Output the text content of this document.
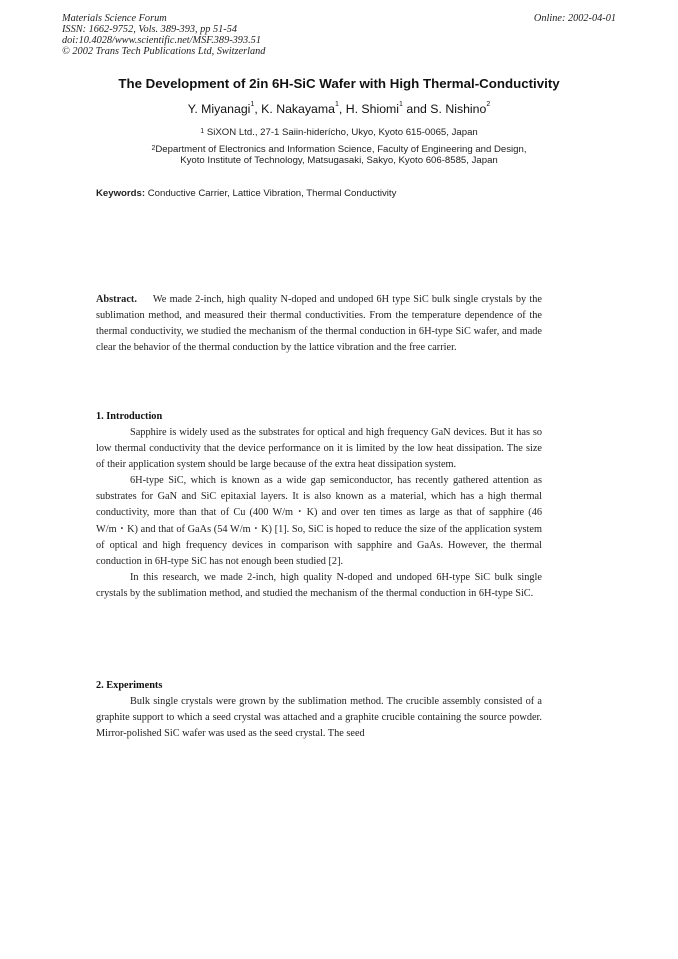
Materials Science Forum
ISSN: 1662-9752, Vols. 389-393, pp 51-54
doi:10.4028/www.scientific.net/MSF.389-393.51
© 2002 Trans Tech Publications Ltd, Switzerland
Online: 2002-04-01
The Development of 2in 6H-SiC Wafer with High Thermal-Conductivity
Y. Miyanagi$^1$, K. Nakayama$^1$, H. Shiomi$^1$ and S. Nishino$^2$
$^1$ SiXON Ltd., 27-1 Saiin-hiderícho, Ukyo, Kyoto 615-0065, Japan
$^2$Department of Electronics and Information Science, Faculty of Engineering and Design,
Kyoto Institute of Technology, Matsugasaki, Sakyo, Kyoto 606-8585, Japan
Keywords: Conductive Carrier, Lattice Vibration, Thermal Conductivity

Abstract. We made 2-inch, high quality N-doped and undoped 6H type SiC bulk single crystals by the sublimation method, and measured their thermal conductivities. From the temperature dependence of the thermal conductivity, we studied the mechanism of the thermal conduction in 6H-type SiC wafer, and made clear the behavior of the thermal conduction by the lattice vibration and the free carrier.

1. Introduction

Sapphire is widely used as the substrates for optical and high frequency GaN devices. But it has so low thermal conductivity that the device performance on it is limited by the low heat dissipation. The size of their application system should be large because of the extra heat dissipation system.

6H-type SiC, which is known as a wide gap semiconductor, has recently gathered attention as substrates for GaN and SiC epitaxial layers. It is also known as a material, which has a high thermal conductivity, more than that of Cu (400 W/m・K) and over ten times as large as that of sapphire (46 W/m・K) and that of GaAs (54 W/m・K) [1]. So, SiC is hoped to reduce the size of the application system of optical and high frequency devices in comparison with sapphire and GaAs. However, the thermal conduction in 6H-type SiC has not enough been studied [2].

In this research, we made 2-inch, high quality N-doped and undoped 6H-type SiC bulk single crystals by the sublimation method, and studied the mechanism of the thermal conduction in 6H-type SiC.

2. Experiments

Bulk single crystals were grown by the sublimation method. The crucible assembly consisted of a graphite support to which a seed crystal was attached and a graphite crucible containing the source powder. Mirror-polished SiC wafer was used as the seed crystal. The seed
